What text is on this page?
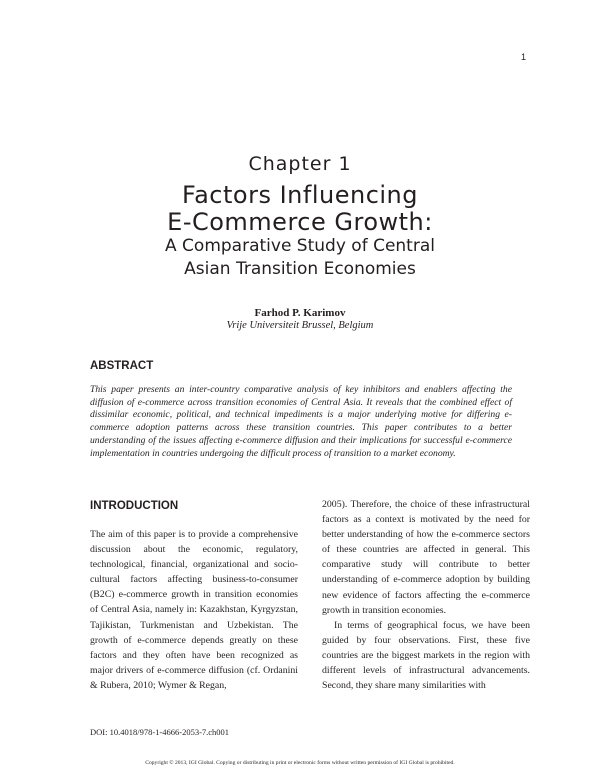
1
Chapter 1
Factors Influencing
E-Commerce Growth:
A Comparative Study of Central
Asian Transition Economies
Farhod P. Karimov
Vrije Universiteit Brussel, Belgium
ABSTRACT
This paper presents an inter-country comparative analysis of key inhibitors and enablers affecting the diffusion of e-commerce across transition economies of Central Asia. It reveals that the combined effect of dissimilar economic, political, and technical impediments is a major underlying motive for differing e-commerce adoption patterns across these transition countries. This paper contributes to a better understanding of the issues affecting e-commerce diffusion and their implications for successful e-commerce implementation in countries undergoing the difficult process of transition to a market economy.
INTRODUCTION

The aim of this paper is to provide a comprehensive discussion about the economic, regulatory, technological, financial, organizational and socio-cultural factors affecting business-to-consumer (B2C) e-commerce growth in transition economies of Central Asia, namely in: Kazakhstan, Kyrgyzstan, Tajikistan, Turkmenistan and Uzbekistan. The growth of e-commerce depends greatly on these factors and they often have been recognized as major drivers of e-commerce diffusion (cf. Ordanini & Rubera, 2010; Wymer & Regan,

2005). Therefore, the choice of these infrastructural factors as a context is motivated by the need for better understanding of how the e-commerce sectors of these countries are affected in general. This comparative study will contribute to better understanding of e-commerce adoption by building new evidence of factors affecting the e-commerce growth in transition economies.

In terms of geographical focus, we have been guided by four observations. First, these five countries are the biggest markets in the region with different levels of infrastructural advancements. Second, they share many similarities with

DOI: 10.4018/978-1-4666-2053-7.ch001
Copyright © 2013, IGI Global. Copying or distributing in print or electronic forms without written permission of IGI Global is prohibited.
